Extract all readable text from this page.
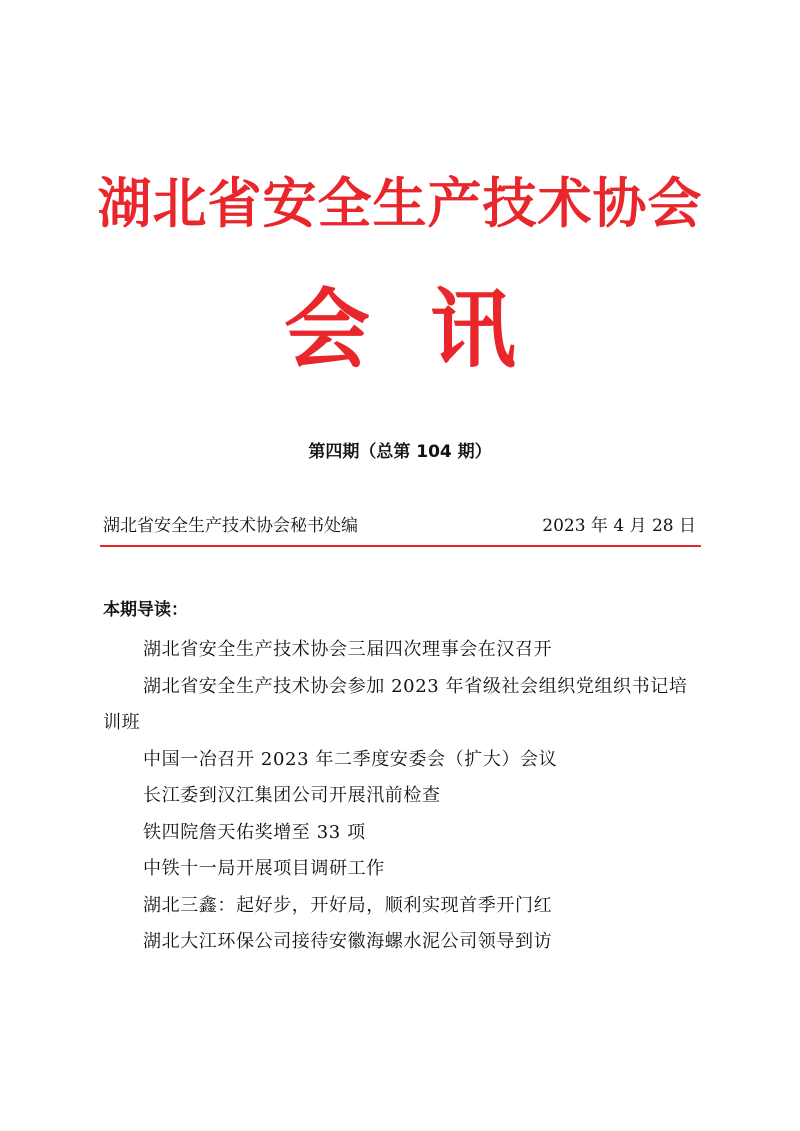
湖北省安全生产技术协会
会讯
第四期（总第 104 期）
湖北省安全生产技术协会秘书处编	2023 年 4 月 28 日
本期导读：
湖北省安全生产技术协会三届四次理事会在汉召开
湖北省安全生产技术协会参加 2023 年省级社会组织党组织书记培训班
中国一冶召开 2023 年二季度安委会（扩大）会议
长江委到汉江集团公司开展汛前检查
铁四院詹天佑奖增至 33 项
中铁十一局开展项目调研工作
湖北三鑫：起好步，开好局，顺利实现首季开门红
湖北大江环保公司接待安徽海螺水泥公司领导到访
